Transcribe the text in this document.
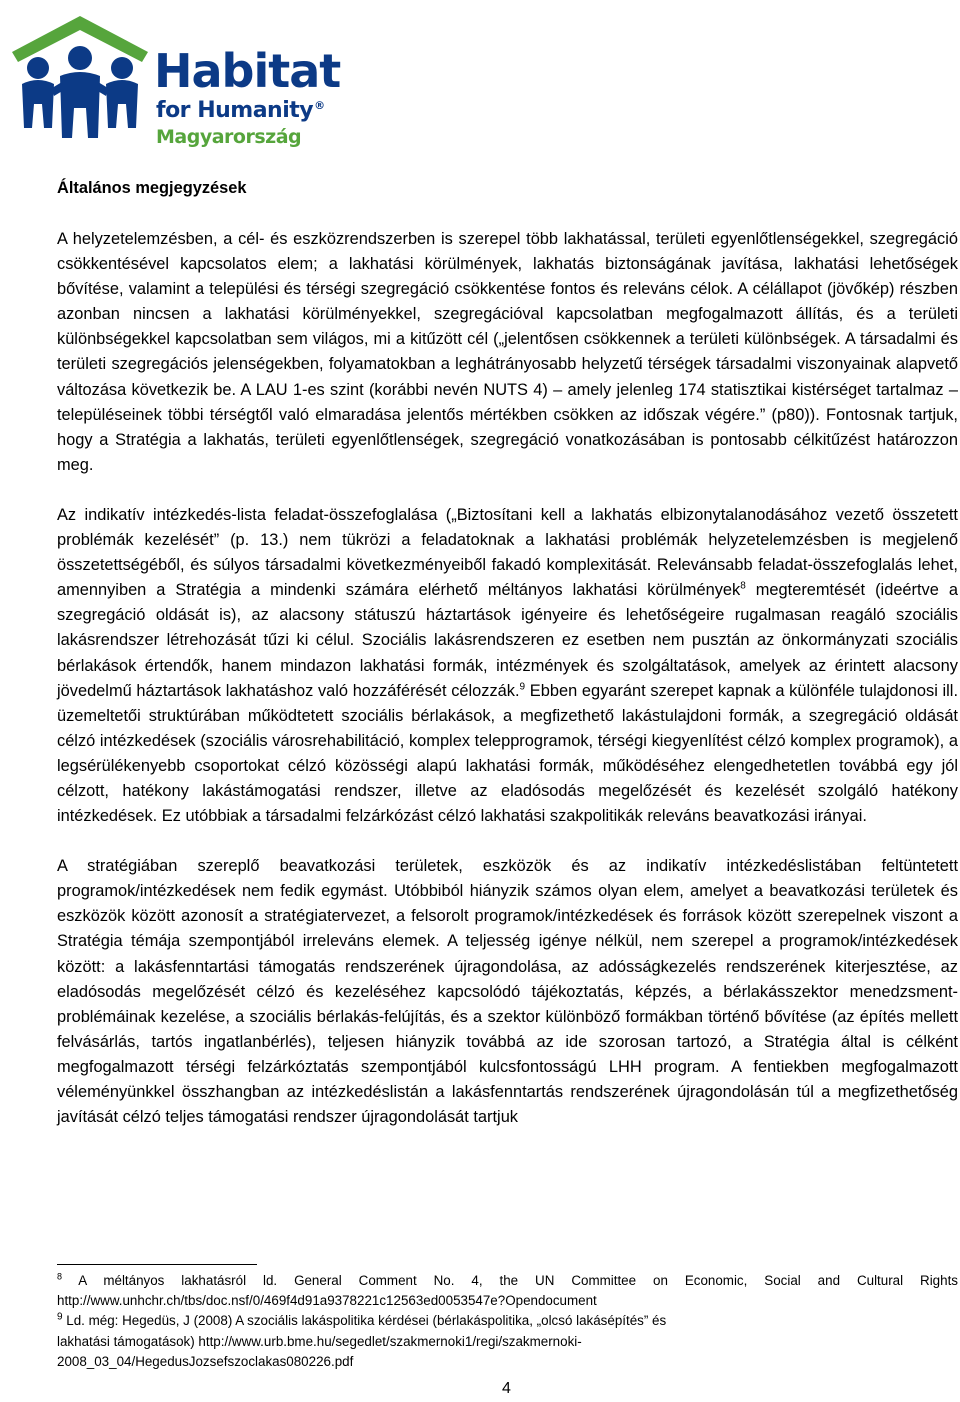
Habitat
for Humanity®
Magyarország
Általános megjegyzések

A helyzetelemzésben, a cél- és eszközrendszerben is szerepel több lakhatással, területi egyenlőtlenségekkel, szegregáció csökkentésével kapcsolatos elem; a lakhatási körülmények, lakhatás biztonságának javítása, lakhatási lehetőségek bővítése, valamint a települési és térségi szegregáció csökkentése fontos és releváns célok. A célállapot (jövőkép) részben azonban nincsen a lakhatási körülményekkel, szegregációval kapcsolatban megfogalmazott állítás, és a területi különbségekkel kapcsolatban sem világos, mi a kitűzött cél („jelentősen csökkennek a területi különbségek. A társadalmi és területi szegregációs jelenségekben, folyamatokban a leghátrányosabb helyzetű térségek társadalmi viszonyainak alapvető változása következik be. A LAU 1-es szint (korábbi nevén NUTS 4) – amely jelenleg 174 statisztikai kistérséget tartalmaz – településeinek többi térségtől való elmaradása jelentős mértékben csökken az időszak végére.” (p80)). Fontosnak tartjuk, hogy a Stratégia a lakhatás, területi egyenlőtlenségek, szegregáció vonatkozásában is pontosabb célkitűzést határozzon meg.

Az indikatív intézkedés-lista feladat-összefoglalása („Biztosítani kell a lakhatás elbizonytalanodásához vezető összetett problémák kezelését” (p. 13.) nem tükrözi a feladatoknak a lakhatási problémák helyzetelemzésben is megjelenő összetettségéből, és súlyos társadalmi következményeiből fakadó komplexitását. Relevánsabb feladat-összefoglalás lehet, amennyiben a Stratégia a mindenki számára elérhető méltányos lakhatási körülmények$^8$ megteremtését (ideértve a szegregáció oldását is), az alacsony státuszú háztartások igényeire és lehetőségeire rugalmasan reagáló szociális lakásrendszer létrehozását tűzi ki célul. Szociális lakásrendszeren ez esetben nem pusztán az önkormányzati szociális bérlakások értendők, hanem mindazon lakhatási formák, intézmények és szolgáltatások, amelyek az érintett alacsony jövedelmű háztartások lakhatáshoz való hozzáférését célozzák.$^9$ Ebben egyaránt szerepet kapnak a különféle tulajdonosi ill. üzemeltetői struktúrában működtetett szociális bérlakások, a megfizethető lakástulajdoni formák, a szegregáció oldását célzó intézkedések (szociális városrehabilitáció, komplex telepprogramok, térségi kiegyenlítést célzó komplex programok), a legsérülékenyebb csoportokat célzó közösségi alapú lakhatási formák, működéséhez elengedhetetlen továbbá egy jól célzott, hatékony lakástámogatási rendszer, illetve az eladósodás megelőzését és kezelését szolgáló hatékony intézkedések. Ez utóbbiak a társadalmi felzárkózást célzó lakhatási szakpolitikák releváns beavatkozási irányai.

A stratégiában szereplő beavatkozási területek, eszközök és az indikatív intézkedéslistában feltüntetett programok/intézkedések nem fedik egymást. Utóbbiból hiányzik számos olyan elem, amelyet a beavatkozási területek és eszközök között azonosít a stratégiatervezet, a felsorolt programok/intézkedések és források között szerepelnek viszont a Stratégia témája szempontjából irreleváns elemek. A teljesség igénye nélkül, nem szerepel a programok/intézkedések között: a lakásfenntartási támogatás rendszerének újragondolása, az adósságkezelés rendszerének kiterjesztése, az eladósodás megelőzését célzó és kezeléséhez kapcsolódó tájékoztatás, képzés, a bérlakásszektor menedzsment-problémáinak kezelése, a szociális bérlakás-felújítás, és a szektor különböző formákban történő bővítése (az építés mellett felvásárlás, tartós ingatlanbérlés), teljesen hiányzik továbbá az ide szorosan tartozó, a Stratégia által is célként megfogalmazott térségi felzárkóztatás szempontjából kulcsfontosságú LHH program. A fentiekben megfogalmazott véleményünkkel összhangban az intézkedéslistán a lakásfenntartás rendszerének újragondolásán túl a megfizethetőség javítását célzó teljes támogatási rendszer újragondolását tartjuk

$^8$ A méltányos lakhatásról ld. General Comment No. 4, the UN Committee on Economic, Social and Cultural Rights http://www.unhchr.ch/tbs/doc.nsf/0/469f4d91a9378221c12563ed0053547e?Opendocument
$^9$ Ld. még: Hegedüs, J (2008) A szociális lakáspolitika kérdései (bérlakáspolitika, „olcsó lakásépítés” és
lakhatási támogatások) http://www.urb.bme.hu/segedlet/szakmernoki1/regi/szakmernoki-
2008_03_04/HegedusJozsefszoclakas080226.pdf
4
